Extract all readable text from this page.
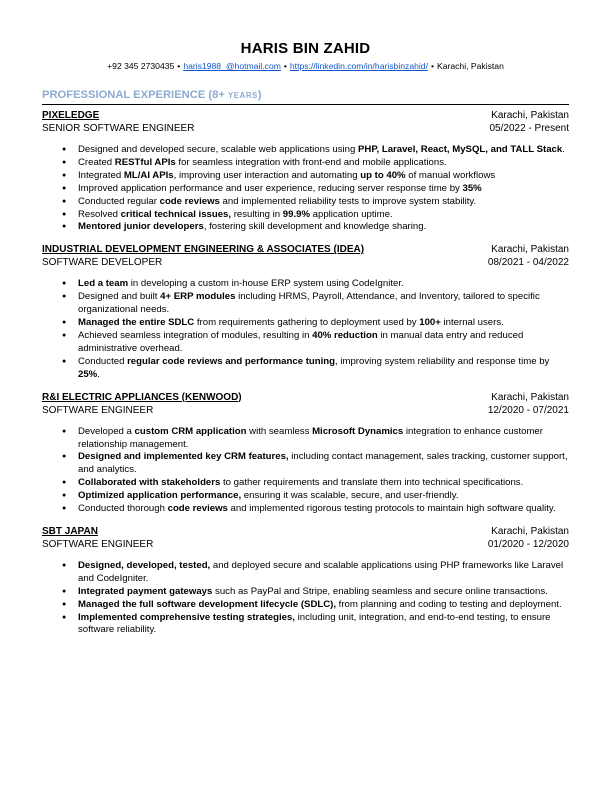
HARIS BIN ZAHID
+92 345 2730435 • haris1988_@hotmail.com • https://linkedin.com/in/harisbinzahid/ • Karachi, Pakistan
PROFESSIONAL EXPERIENCE (8+ YEARS)
PIXELEDGE	Karachi, Pakistan
SENIOR SOFTWARE ENGINEER	05/2022 - Present
● Designed and developed secure, scalable web applications using PHP, Laravel, React, MySQL, and TALL Stack.
● Created RESTful APIs for seamless integration with front-end and mobile applications.
● Integrated ML/AI APIs, improving user interaction and automating up to 40% of manual workflows
● Improved application performance and user experience, reducing server response time by 35%
● Conducted regular code reviews and implemented reliability tests to improve system stability.
● Resolved critical technical issues, resulting in 99.9% application uptime.
● Mentored junior developers, fostering skill development and knowledge sharing.
INDUSTRIAL DEVELOPMENT ENGINEERING & ASSOCIATES (IDEA)	Karachi, Pakistan
SOFTWARE DEVELOPER	08/2021 - 04/2022
● Led a team in developing a custom in-house ERP system using CodeIgniter.
● Designed and built 4+ ERP modules including HRMS, Payroll, Attendance, and Inventory, tailored to specific organizational needs.
● Managed the entire SDLC from requirements gathering to deployment used by 100+ internal users.
● Achieved seamless integration of modules, resulting in 40% reduction in manual data entry and reduced administrative overhead.
● Conducted regular code reviews and performance tuning, improving system reliability and response time by 25%.
R&I ELECTRIC APPLIANCES (KENWOOD)	Karachi, Pakistan
SOFTWARE ENGINEER	12/2020 - 07/2021
● Developed a custom CRM application with seamless Microsoft Dynamics integration to enhance customer relationship management.
● Designed and implemented key CRM features, including contact management, sales tracking, customer support, and analytics.
● Collaborated with stakeholders to gather requirements and translate them into technical specifications.
● Optimized application performance, ensuring it was scalable, secure, and user-friendly.
● Conducted thorough code reviews and implemented rigorous testing protocols to maintain high software quality.
SBT JAPAN	Karachi, Pakistan
SOFTWARE ENGINEER	01/2020 - 12/2020
● Designed, developed, tested, and deployed secure and scalable applications using PHP frameworks like Laravel and CodeIgniter.
● Integrated payment gateways such as PayPal and Stripe, enabling seamless and secure online transactions.
● Managed the full software development lifecycle (SDLC), from planning and coding to testing and deployment.
● Implemented comprehensive testing strategies, including unit, integration, and end-to-end testing, to ensure software reliability.
